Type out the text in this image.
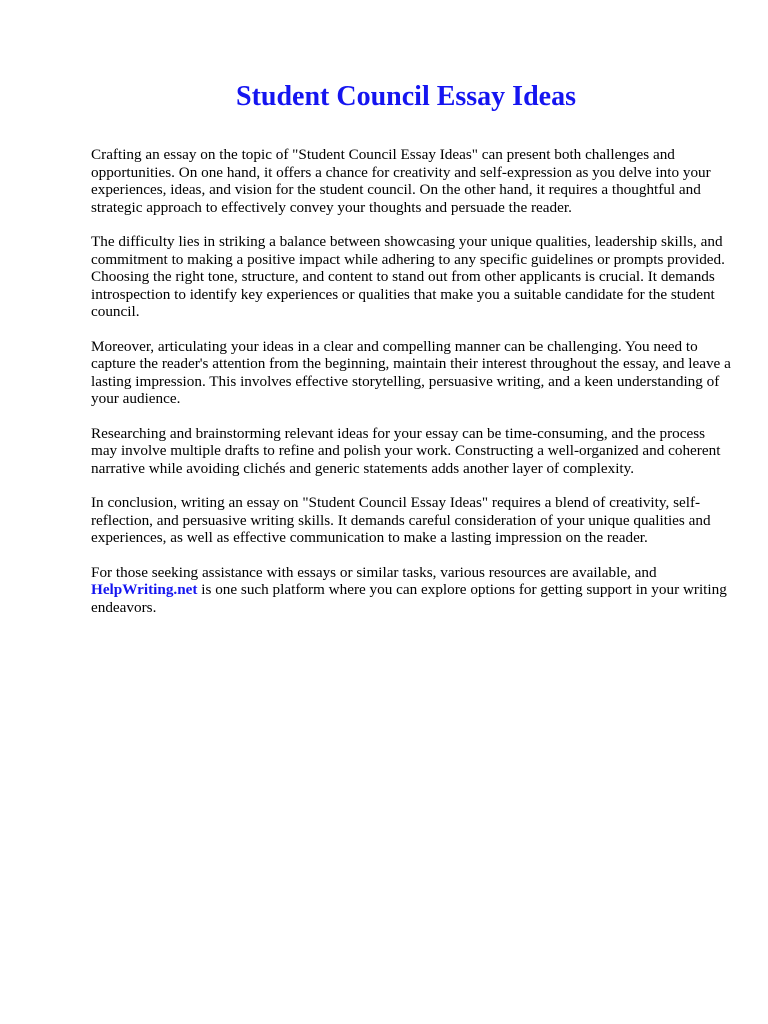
Student Council Essay Ideas

Crafting an essay on the topic of "Student Council Essay Ideas" can present both challenges and opportunities. On one hand, it offers a chance for creativity and self-expression as you delve into your experiences, ideas, and vision for the student council. On the other hand, it requires a thoughtful and strategic approach to effectively convey your thoughts and persuade the reader.

The difficulty lies in striking a balance between showcasing your unique qualities, leadership skills, and commitment to making a positive impact while adhering to any specific guidelines or prompts provided. Choosing the right tone, structure, and content to stand out from other applicants is crucial. It demands introspection to identify key experiences or qualities that make you a suitable candidate for the student council.

Moreover, articulating your ideas in a clear and compelling manner can be challenging. You need to capture the reader's attention from the beginning, maintain their interest throughout the essay, and leave a lasting impression. This involves effective storytelling, persuasive writing, and a keen understanding of your audience.

Researching and brainstorming relevant ideas for your essay can be time-consuming, and the process may involve multiple drafts to refine and polish your work. Constructing a well-organized and coherent narrative while avoiding clichés and generic statements adds another layer of complexity.

In conclusion, writing an essay on "Student Council Essay Ideas" requires a blend of creativity, self-reflection, and persuasive writing skills. It demands careful consideration of your unique qualities and experiences, as well as effective communication to make a lasting impression on the reader.

For those seeking assistance with essays or similar tasks, various resources are available, and HelpWriting.net is one such platform where you can explore options for getting support in your writing endeavors.
